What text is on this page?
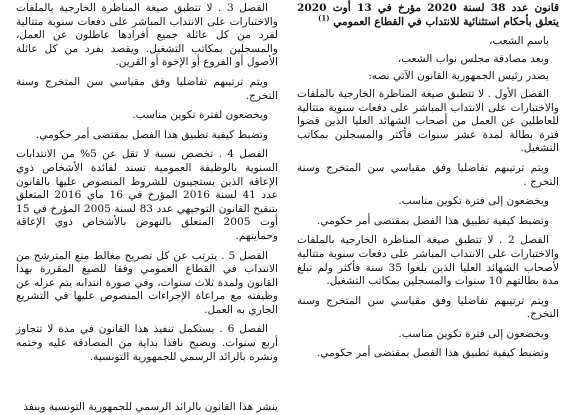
قانون عدد 38 لسنة 2020 مؤرخ في 13 أوت 2020 يتعلق بأحكام استثنائية للانتداب في القطاع العمومي $^{(1)}$

باسم الشعب،

وبعد مصادقة مجلس نواب الشعب،

يصدر رئيس الجمهورية القانون الآتي نصه:

الفصل الأول . لا تتطبق صيغة المناظرة الخارجية بالملفات والاختبارات على الانتداب المباشر على دفعات سنوية متتالية للعاطلين عن العمل من أصحاب الشهائد العليا الذين قضوا فترة بطالة لمدة عشر سنوات فأكثر والمسجلين بمكاتب التشغيل.

ويتم ترتيبهم تفاضليا وفق مقياسي سن المتخرج وسنة التخرج .

ويخضعون إلى فترة تكوين مناسب.

وتضبط كيفية تطبيق هذا الفصل بمقتضى أمر حكومي.

الفصل 2 . لا تتطبق صيغة المناظرة الخارجية بالملفات والاختبارات على الانتداب المباشر على دفعات سنوية متتالية لأصحاب الشهائد العليا الذين بلغوا 35 سنة فأكثر ولم تبلغ مدة بطالتهم 10 سنوات والمسجلين بمكاتب التشغيل.

ويتم ترتيبهم تفاضليا وفق مقياسي سن المتخرج وسنة التخرج.

ويخضعون إلى فترة تكوين مناسب.

وتضبط كيفية تطبيق هذا الفصل بمقتضى أمر حكومي.

الفصل 3 . لا تتطبق صيغة المناظرة الخارجية بالملفات والاختبارات على الانتداب المباشر على دفعات سنوية متتالية لفرد من كل عائلة جميع أفرادها عاطلون عن العمل، والمسجلين بمكاتب التشغيل. ويقصد بفرد من كل عائلة الأصول أو الفروع أو الإخوة أو القرين.

ويتم ترتيبهم تفاضليا وفق مقياسي سن المتخرج وسنة التخرج.

ويخضعون لفترة تكوين مناسب.

وتضبط كيفية تطبيق هذا الفصل بمقتضى أمر حكومي.

الفصل 4 . تخصص نسبة لا تقل عن 5% من الانتدابات السنوية بالوظيفة العمومية تسند لفائدة الأشخاص ذوي الإعاقة الذين يستجيبون للشروط المنصوص عليها بالقانون عدد 41 لسنة 2016 المؤرخ في 16 ماي 2016 المتعلق بتنقيح القانون التوجيهي عدد 83 لسنة 2005 المؤرخ في 15 أوت 2005 المتعلق بالنهوض بالأشخاص ذوي الإعاقة وحمايتهم.

الفصل 5 . يترتب عن كل تصريح مغالط منع المترشح من الانتداب في القطاع العمومي وفقا للصيغ المقررة بهذا القانون ولمدة ثلاث سنوات، وفي صورة انتدابه يتم عزله عن وظيفته مع مراعاة الإجراءات المنصوص عليها في التشريع الجاري به العمل.

الفصل 6 . يستكمل تنفيذ هذا القانون في مدة لا تتجاوز أربع سنوات. ويصبح نافذا بداية من المصادقة عليه وختمه ونشره بالرائد الرسمي للجمهورية التونسية.

ينشر هذا القانون بالرائد الرسمي للجمهورية التونسية وينفذ
